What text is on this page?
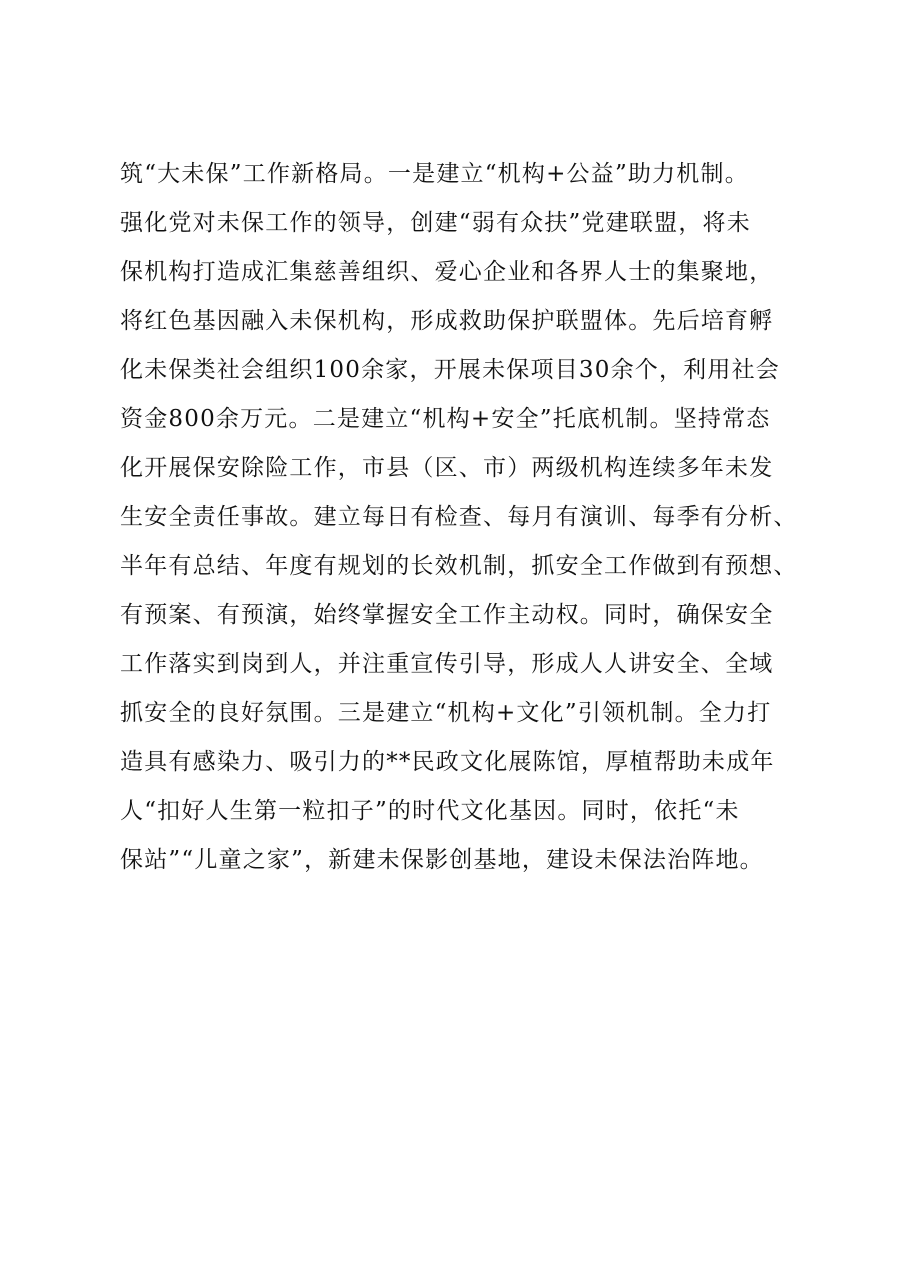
筑“大未保”工作新格局。一是建立“机构+公益”助力机制。
强化党对未保工作的领导，创建“弱有众扶”党建联盟，将未
保机构打造成汇集慈善组织、爱心企业和各界人士的集聚地，
将红色基因融入未保机构，形成救助保护联盟体。先后培育孵
化未保类社会组织100余家，开展未保项目30余个，利用社会
资金800余万元。二是建立“机构+安全”托底机制。坚持常态
化开展保安除险工作，市县（区、市）两级机构连续多年未发
生安全责任事故。建立每日有检查、每月有演训、每季有分析、
半年有总结、年度有规划的长效机制，抓安全工作做到有预想、
有预案、有预演，始终掌握安全工作主动权。同时，确保安全
工作落实到岗到人，并注重宣传引导，形成人人讲安全、全域
抓安全的良好氛围。三是建立“机构+文化”引领机制。全力打
造具有感染力、吸引力的**民政文化展陈馆，厚植帮助未成年
人“扣好人生第一粒扣子”的时代文化基因。同时，依托“未
保站”“儿童之家”，新建未保影创基地，建设未保法治阵地。
